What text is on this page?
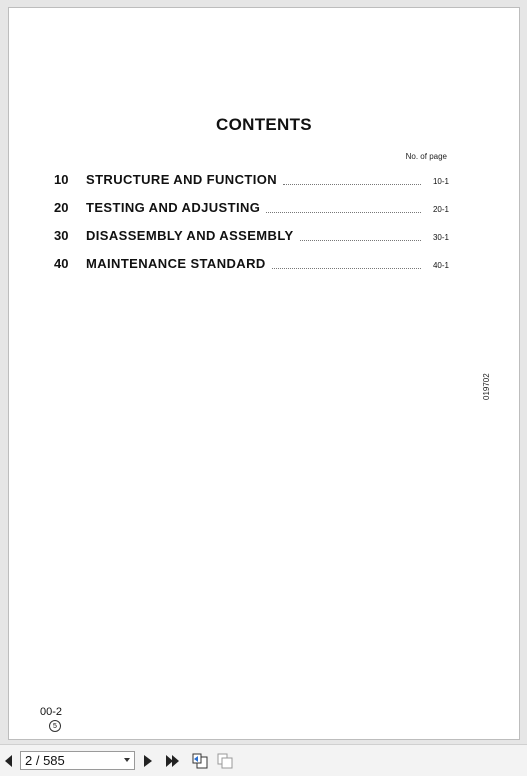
CONTENTS
No. of page
10	STRUCTURE AND FUNCTION	10-1
20	TESTING AND ADJUSTING	20-1
30	DISASSEMBLY AND ASSEMBLY	30-1
40	MAINTENANCE STANDARD	40-1
019702
00-2
5
2 / 585
